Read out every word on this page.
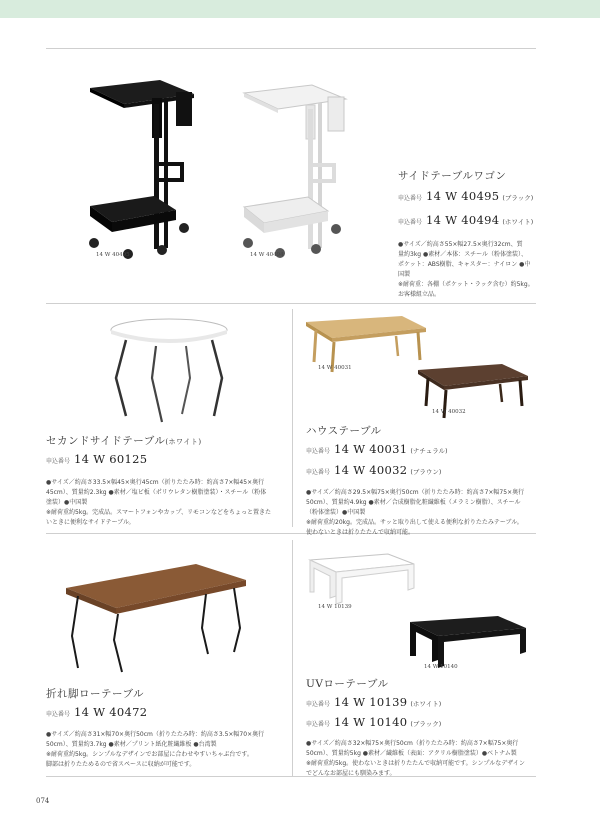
14 W 40495	14 W 40494
サイドテーブルワゴン
申込番号 14 W 40495 (ブラック)
申込番号 14 W 40494 (ホワイト)

●サイズ／約高さ55×幅27.5×奥行32cm、質

量約3kg ●素材／本体：スチール（粉体塗装）、

ポケット：ABS樹脂、キャスター：ナイロン ●中

国製

※耐荷重：各棚（ポケット・ラック含む）約5kg。

お客様組立品。

セカンドサイドテーブル(ホワイト)
申込番号 14 W 60125

●サイズ／約高さ33.5×幅45×奥行45cm（折りたたみ時：約高さ7×幅45×奥行

45cm）、質量約2.3kg ●素材／塩ビ板（ポリウレタン樹脂塗装）・スチール（粉体

塗装）●中国製

※耐荷重約5kg。完成品。スマートフォンやカップ、リモコンなどをちょっと置きた

いときに便利なサイドテーブル。

14 W 40031
14 W 40032
ハウステーブル
申込番号 14 W 40031 (ナチュラル)
申込番号 14 W 40032 (ブラウン)

●サイズ／約高さ29.5×幅75×奥行50cm（折りたたみ時：約高さ7×幅75×奥行

50cm）、質量約4.9kg ●素材／合成樹脂化粧繊維板（メラミン樹脂）、スチール

（粉体塗装）●中国製

※耐荷重約20kg。完成品。サッと取り出して使える便利な折りたたみテーブル。

使わないときは折りたたんで収納可能。

折れ脚ローテーブル
申込番号 14 W 40472

●サイズ／約高さ31×幅70×奥行50cm（折りたたみ時：約高さ3.5×幅70×奥行

50cm）、質量約3.7kg ●素材／プリント紙化粧繊維板 ●台湾製

※耐荷重約5kg。シンプルなデザインでお部屋に合わせやすいちゃぶ台です。

脚部は折りたためるので省スペースに収納が可能です。

14 W 10139
14 W 10140
UVローテーブル
申込番号 14 W 10139 (ホワイト)
申込番号 14 W 10140 (ブラック)

●サイズ／約高さ32×幅75×奥行50cm（折りたたみ時：約高さ7×幅75×奥行

50cm）、質量約5kg ●素材／繊維板（表面：アクリル樹脂塗装）●ベトナム製

※耐荷重約5kg。使わないときは折りたたんで収納可能です。シンプルなデザイン

でどんなお部屋にも馴染みます。

074
